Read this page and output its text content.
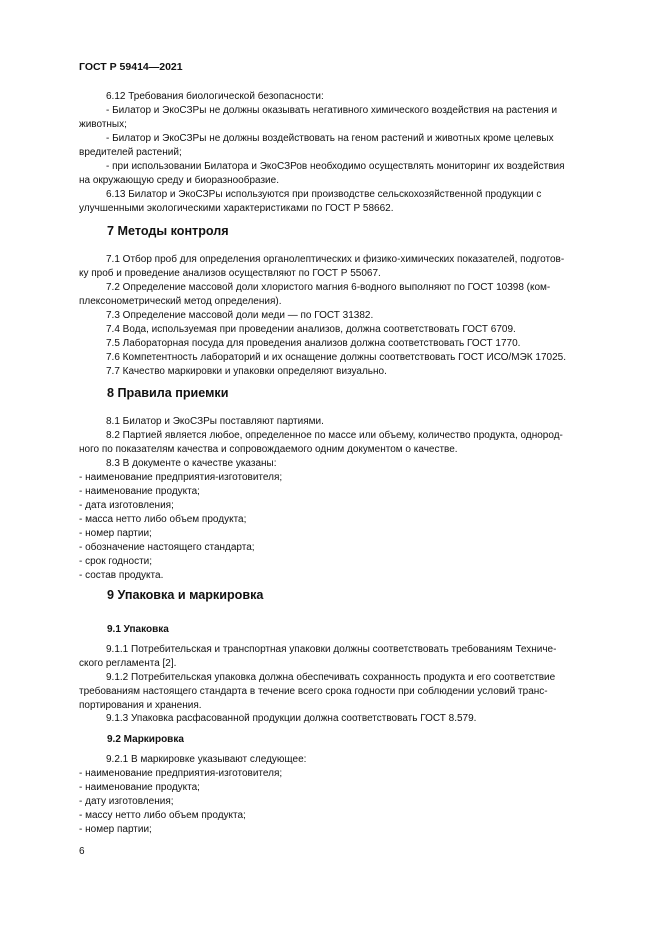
ГОСТ Р 59414—2021

6.12 Требования биологической безопасности:

- Билатор и ЭкоСЗРы не должны оказывать негативного химического воздействия на растения и
животных;

- Билатор и ЭкоСЗРы не должны воздействовать на геном растений и животных кроме целевых
вредителей растений;

- при использовании Билатора и ЭкоСЗРов необходимо осуществлять мониторинг их воздействия
на окружающую среду и биоразнообразие.

6.13 Билатор и ЭкоСЗРы используются при производстве сельскохозяйственной продукции с
улучшенными экологическими характеристиками по ГОСТ Р 58662.

7 Методы контроля

7.1 Отбор проб для определения органолептических и физико-химических показателей, подготов-
ку проб и проведение анализов осуществляют по ГОСТ Р 55067.

7.2 Определение массовой доли хлористого магния 6-водного выполняют по ГОСТ 10398 (ком-
плексонометрический метод определения).

7.3 Определение массовой доли меди — по ГОСТ 31382.

7.4 Вода, используемая при проведении анализов, должна соответствовать ГОСТ 6709.

7.5 Лабораторная посуда для проведения анализов должна соответствовать ГОСТ 1770.

7.6 Компетентность лабораторий и их оснащение должны соответствовать ГОСТ ИСО/МЭК 17025.

7.7 Качество маркировки и упаковки определяют визуально.

8 Правила приемки

8.1 Билатор и ЭкоСЗРы поставляют партиями.

8.2 Партией является любое, определенное по массе или объему, количество продукта, однород-
ного по показателям качества и сопровождаемого одним документом о качестве.

8.3 В документе о качестве указаны:

- наименование предприятия-изготовителя;

- наименование продукта;

- дата изготовления;

- масса нетто либо объем продукта;

- номер партии;

- обозначение настоящего стандарта;

- срок годности;

- состав продукта.

9 Упаковка и маркировка
9.1 Упаковка

9.1.1 Потребительская и транспортная упаковки должны соответствовать требованиям Техниче-
ского регламента [2].

9.1.2 Потребительская упаковка должна обеспечивать сохранность продукта и его соответствие
требованиям настоящего стандарта в течение всего срока годности при соблюдении условий транс-
портирования и хранения.

9.1.3 Упаковка расфасованной продукции должна соответствовать ГОСТ 8.579.

9.2 Маркировка

9.2.1 В маркировке указывают следующее:

- наименование предприятия-изготовителя;

- наименование продукта;

- дату изготовления;

- массу нетто либо объем продукта;

- номер партии;

6
